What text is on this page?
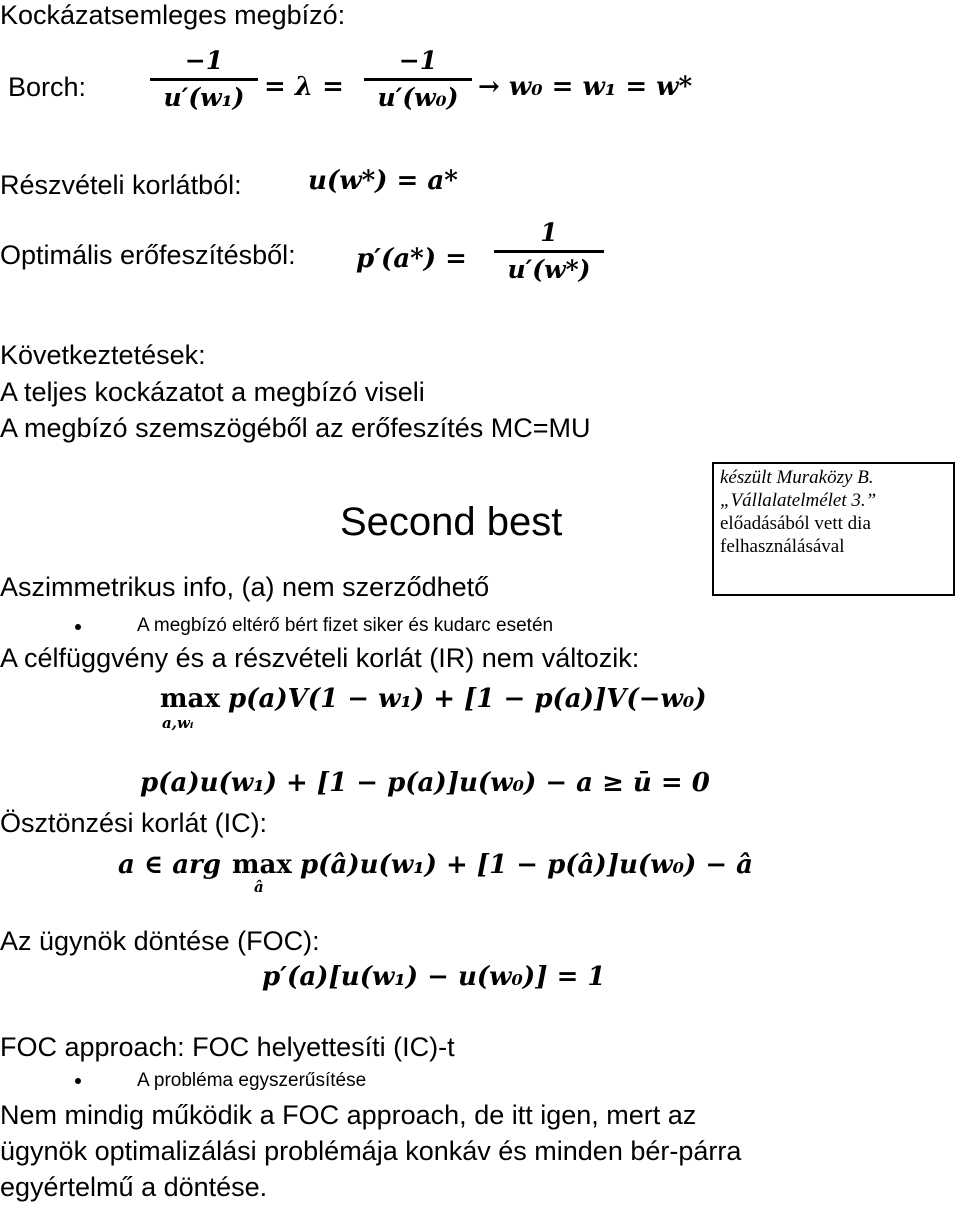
Kockázatsemleges megbízó:
Borch:
−1
u′(w₁) = λ =
−1
u′(w₀) → w₀ = w₁ = w*
Részvételi korlátból:	u(w*) = a*
Optimális erőfeszítésből: p′(a*) =
1
u′(w*)
Következtetések:
A teljes kockázatot a megbízó viseli
A megbízó szemszögéből az erőfeszítés MC=MU
Second best
készült Muraközy B.
„Vállalatelmélet 3.”
előadásából vett dia
felhasználásával
Aszimmetrikus info, (a) nem szerződhető
A megbízó eltérő bért fizet siker és kudarc esetén
A célfüggvény és a részvételi korlát (IR) nem változik:
max
a,wᵢ
p(a)V(1 − w₁) + [1 − p(a)]V(−w₀)
p(a)u(w₁) + [1 − p(a)]u(w₀) − a ≥ ū = 0
Ösztönzési korlát (IC):
a ∈ arg max
â
p(â)u(w₁) + [1 − p(â)]u(w₀) − â
Az ügynök döntése (FOC):
p′(a)[u(w₁) − u(w₀)] = 1
FOC approach: FOC helyettesíti (IC)-t
A probléma egyszerűsítése
Nem mindig működik a FOC approach, de itt igen, mert az
ügynök optimalizálási problémája konkáv és minden bér-párra
egyértelmű a döntése.
